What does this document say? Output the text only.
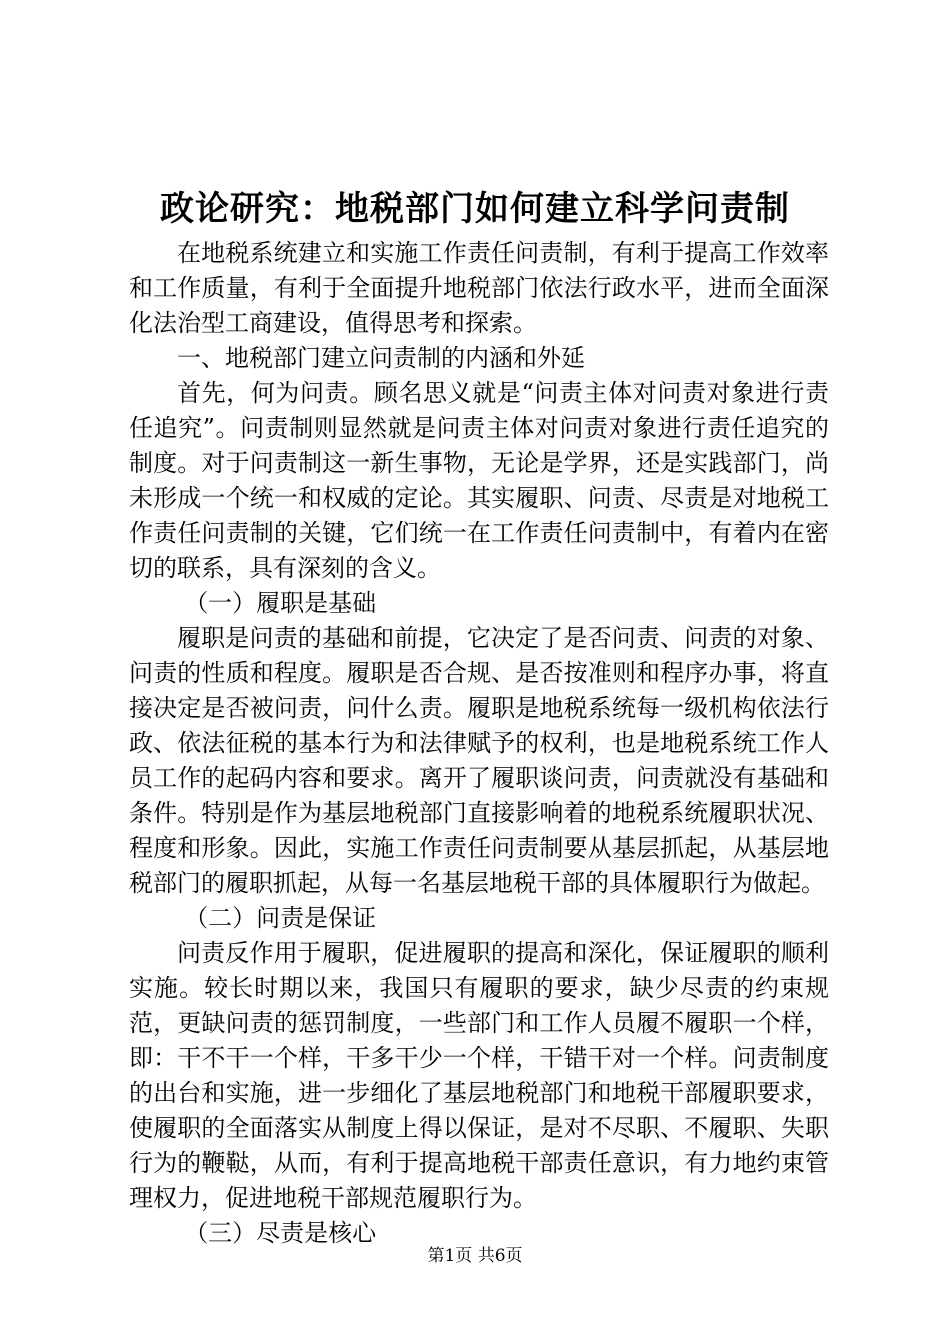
政论研究：地税部门如何建立科学问责制

在地税系统建立和实施工作责任问责制，有利于提高工作效率和工作质量，有利于全面提升地税部门依法行政水平，进而全面深化法治型工商建设，值得思考和探索。

一、地税部门建立问责制的内涵和外延

首先，何为问责。顾名思义就是“问责主体对问责对象进行责任追究”。问责制则显然就是问责主体对问责对象进行责任追究的制度。对于问责制这一新生事物，无论是学界，还是实践部门，尚未形成一个统一和权威的定论。其实履职、问责、尽责是对地税工作责任问责制的关键，它们统一在工作责任问责制中，有着内在密切的联系，具有深刻的含义。

（一）履职是基础

履职是问责的基础和前提，它决定了是否问责、问责的对象、问责的性质和程度。履职是否合规、是否按准则和程序办事，将直接决定是否被问责，问什么责。履职是地税系统每一级机构依法行政、依法征税的基本行为和法律赋予的权利，也是地税系统工作人员工作的起码内容和要求。离开了履职谈问责，问责就没有基础和条件。特别是作为基层地税部门直接影响着的地税系统履职状况、程度和形象。因此，实施工作责任问责制要从基层抓起，从基层地税部门的履职抓起，从每一名基层地税干部的具体履职行为做起。

（二）问责是保证

问责反作用于履职，促进履职的提高和深化，保证履职的顺利实施。较长时期以来，我国只有履职的要求，缺少尽责的约束规范，更缺问责的惩罚制度，一些部门和工作人员履不履职一个样，即：干不干一个样，干多干少一个样，干错干对一个样。问责制度的出台和实施，进一步细化了基层地税部门和地税干部履职要求，使履职的全面落实从制度上得以保证，是对不尽职、不履职、失职行为的鞭鞑，从而，有利于提高地税干部责任意识，有力地约束管理权力，促进地税干部规范履职行为。

（三）尽责是核心

第1页 共6页
